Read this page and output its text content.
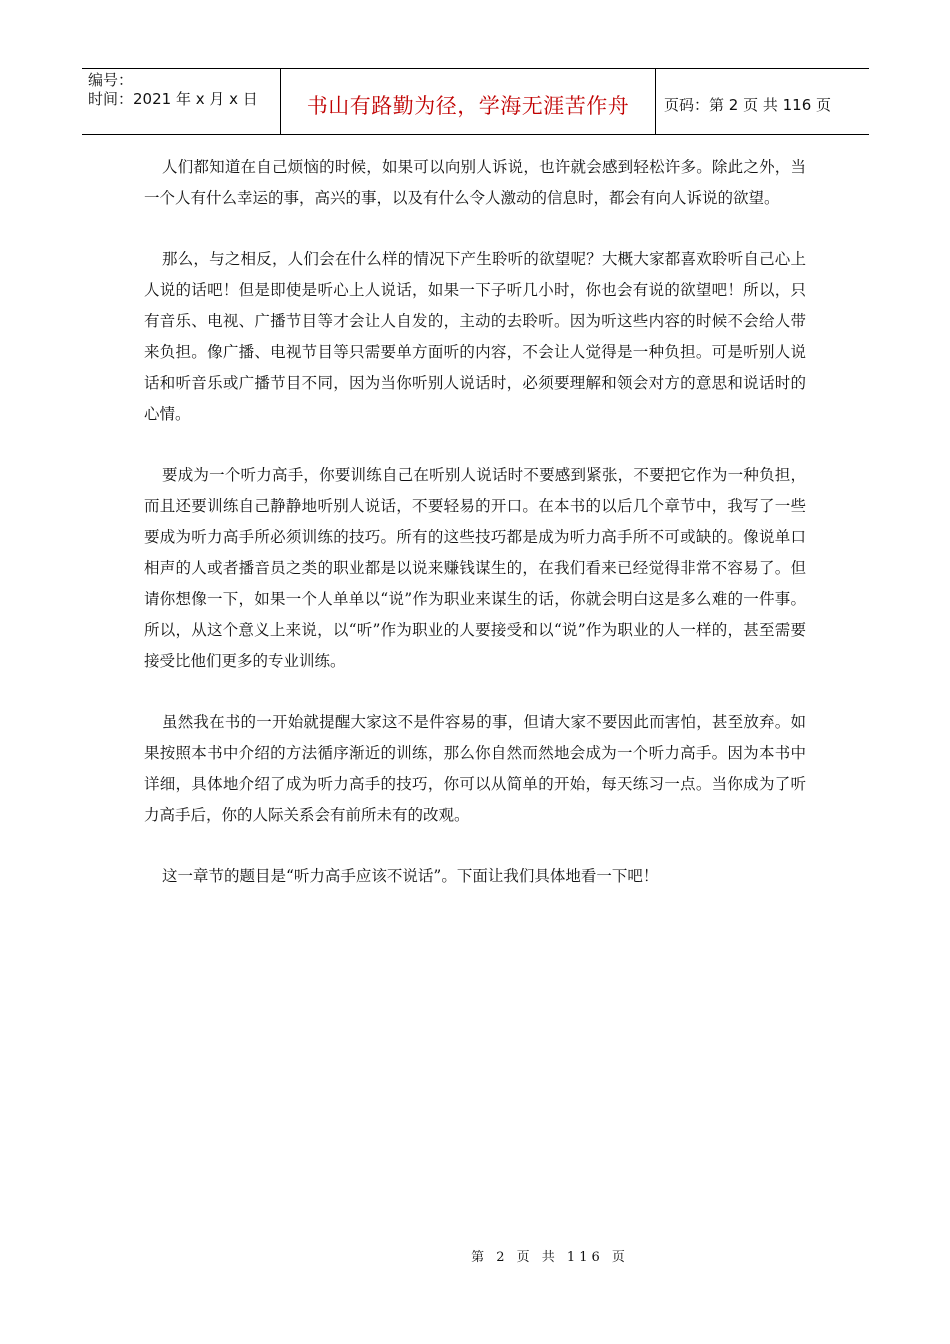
编号：
时间：2021 年 x 月 x 日	书山有路勤为径，学海无涯苦作舟	页码：第 2 页 共 116 页

人们都知道在自己烦恼的时候，如果可以向别人诉说，也许就会感到轻松许多。除此之外，当一个人有什么幸运的事，高兴的事，以及有什么令人激动的信息时，都会有向人诉说的欲望。

那么，与之相反，人们会在什么样的情况下产生聆听的欲望呢？大概大家都喜欢聆听自己心上人说的话吧！但是即使是听心上人说话，如果一下子听几小时，你也会有说的欲望吧！所以，只有音乐、电视、广播节目等才会让人自发的，主动的去聆听。因为听这些内容的时候不会给人带来负担。像广播、电视节目等只需要单方面听的内容，不会让人觉得是一种负担。可是听别人说话和听音乐或广播节目不同，因为当你听别人说话时，必须要理解和领会对方的意思和说话时的心情。

要成为一个听力高手，你要训练自己在听别人说话时不要感到紧张，不要把它作为一种负担，而且还要训练自己静静地听别人说话，不要轻易的开口。在本书的以后几个章节中，我写了一些要成为听力高手所必须训练的技巧。所有的这些技巧都是成为听力高手所不可或缺的。像说单口相声的人或者播音员之类的职业都是以说来赚钱谋生的，在我们看来已经觉得非常不容易了。但请你想像一下，如果一个人单单以“说”作为职业来谋生的话，你就会明白这是多么难的一件事。所以，从这个意义上来说，以“听”作为职业的人要接受和以“说”作为职业的人一样的，甚至需要接受比他们更多的专业训练。

虽然我在书的一开始就提醒大家这不是件容易的事，但请大家不要因此而害怕，甚至放弃。如果按照本书中介绍的方法循序渐近的训练，那么你自然而然地会成为一个听力高手。因为本书中详细，具体地介绍了成为听力高手的技巧，你可以从简单的开始，每天练习一点。当你成为了听力高手后，你的人际关系会有前所未有的改观。

这一章节的题目是“听力高手应该不说话”。下面让我们具体地看一下吧！

第 2 页 共 116 页
